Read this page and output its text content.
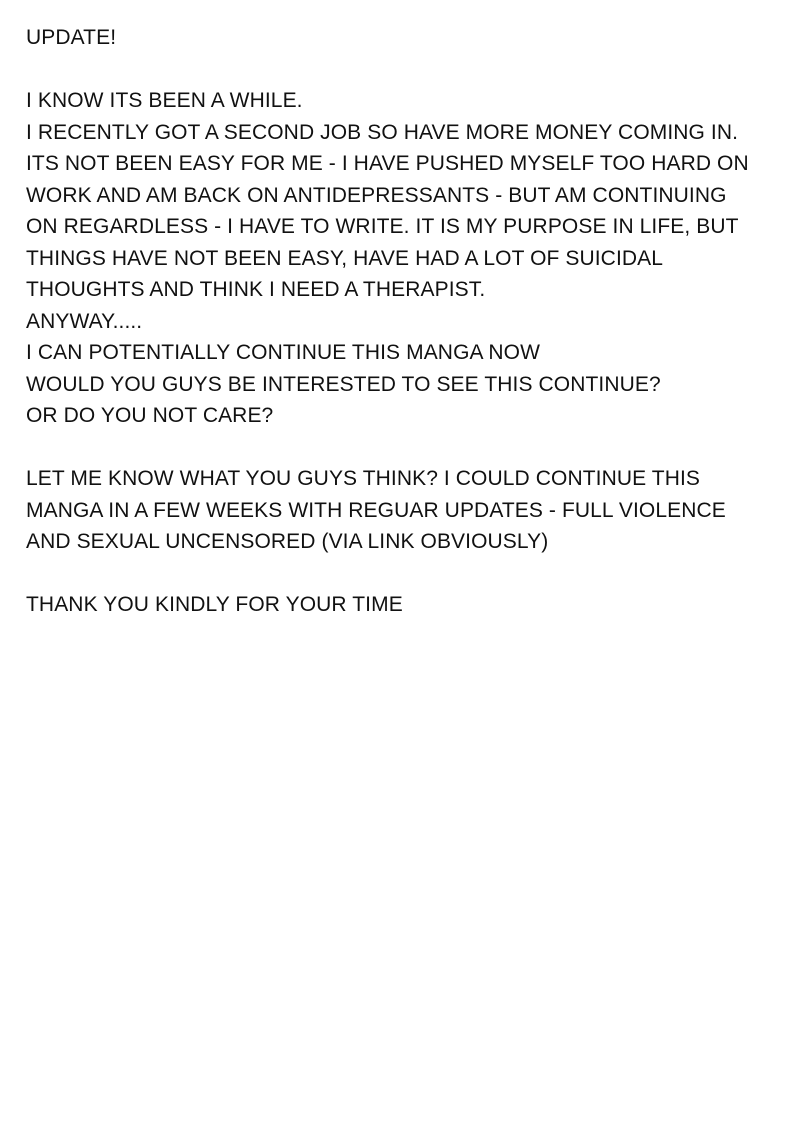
UPDATE!
I KNOW ITS BEEN A WHILE.
I RECENTLY GOT A SECOND JOB SO HAVE MORE MONEY COMING IN.
ITS NOT BEEN EASY FOR ME - I HAVE PUSHED MYSELF TOO HARD ON
WORK AND AM BACK ON ANTIDEPRESSANTS - BUT AM CONTINUING
ON REGARDLESS - I HAVE TO WRITE. IT IS MY PURPOSE IN LIFE, BUT
THINGS HAVE NOT BEEN EASY, HAVE HAD A LOT OF SUICIDAL
THOUGHTS AND THINK I NEED A THERAPIST.
ANYWAY.....
I CAN POTENTIALLY CONTINUE THIS MANGA NOW
WOULD YOU GUYS BE INTERESTED TO SEE THIS CONTINUE?
OR DO YOU NOT CARE?
LET ME KNOW WHAT YOU GUYS THINK? I COULD CONTINUE THIS
MANGA IN A FEW WEEKS WITH REGUAR UPDATES - FULL VIOLENCE
AND SEXUAL UNCENSORED (VIA LINK OBVIOUSLY)
THANK YOU KINDLY FOR YOUR TIME
